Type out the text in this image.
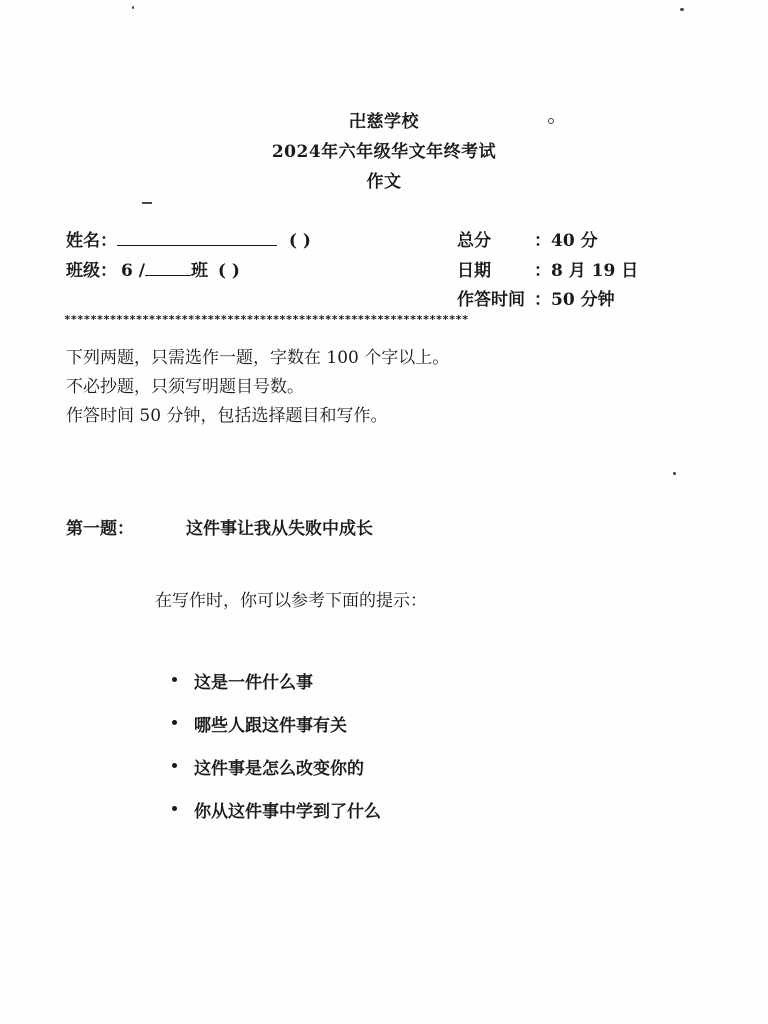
卍慈学校
2024年六年级华文年终考试
作文
姓名：	( )
班级： 6 /	班 ( )
总分	：40 分
日期	：8 月 19 日
作答时间 ：50 分钟
**************************************************************
下列两题，只需选作一题，字数在 100 个字以上。
不必抄题，只须写明题目号数。
作答时间 50 分钟，包括选择题目和写作。
第一题：	这件事让我从失败中成长
在写作时，你可以参考下面的提示：
这是一件什么事
哪些人跟这件事有关
这件事是怎么改变你的
你从这件事中学到了什么
